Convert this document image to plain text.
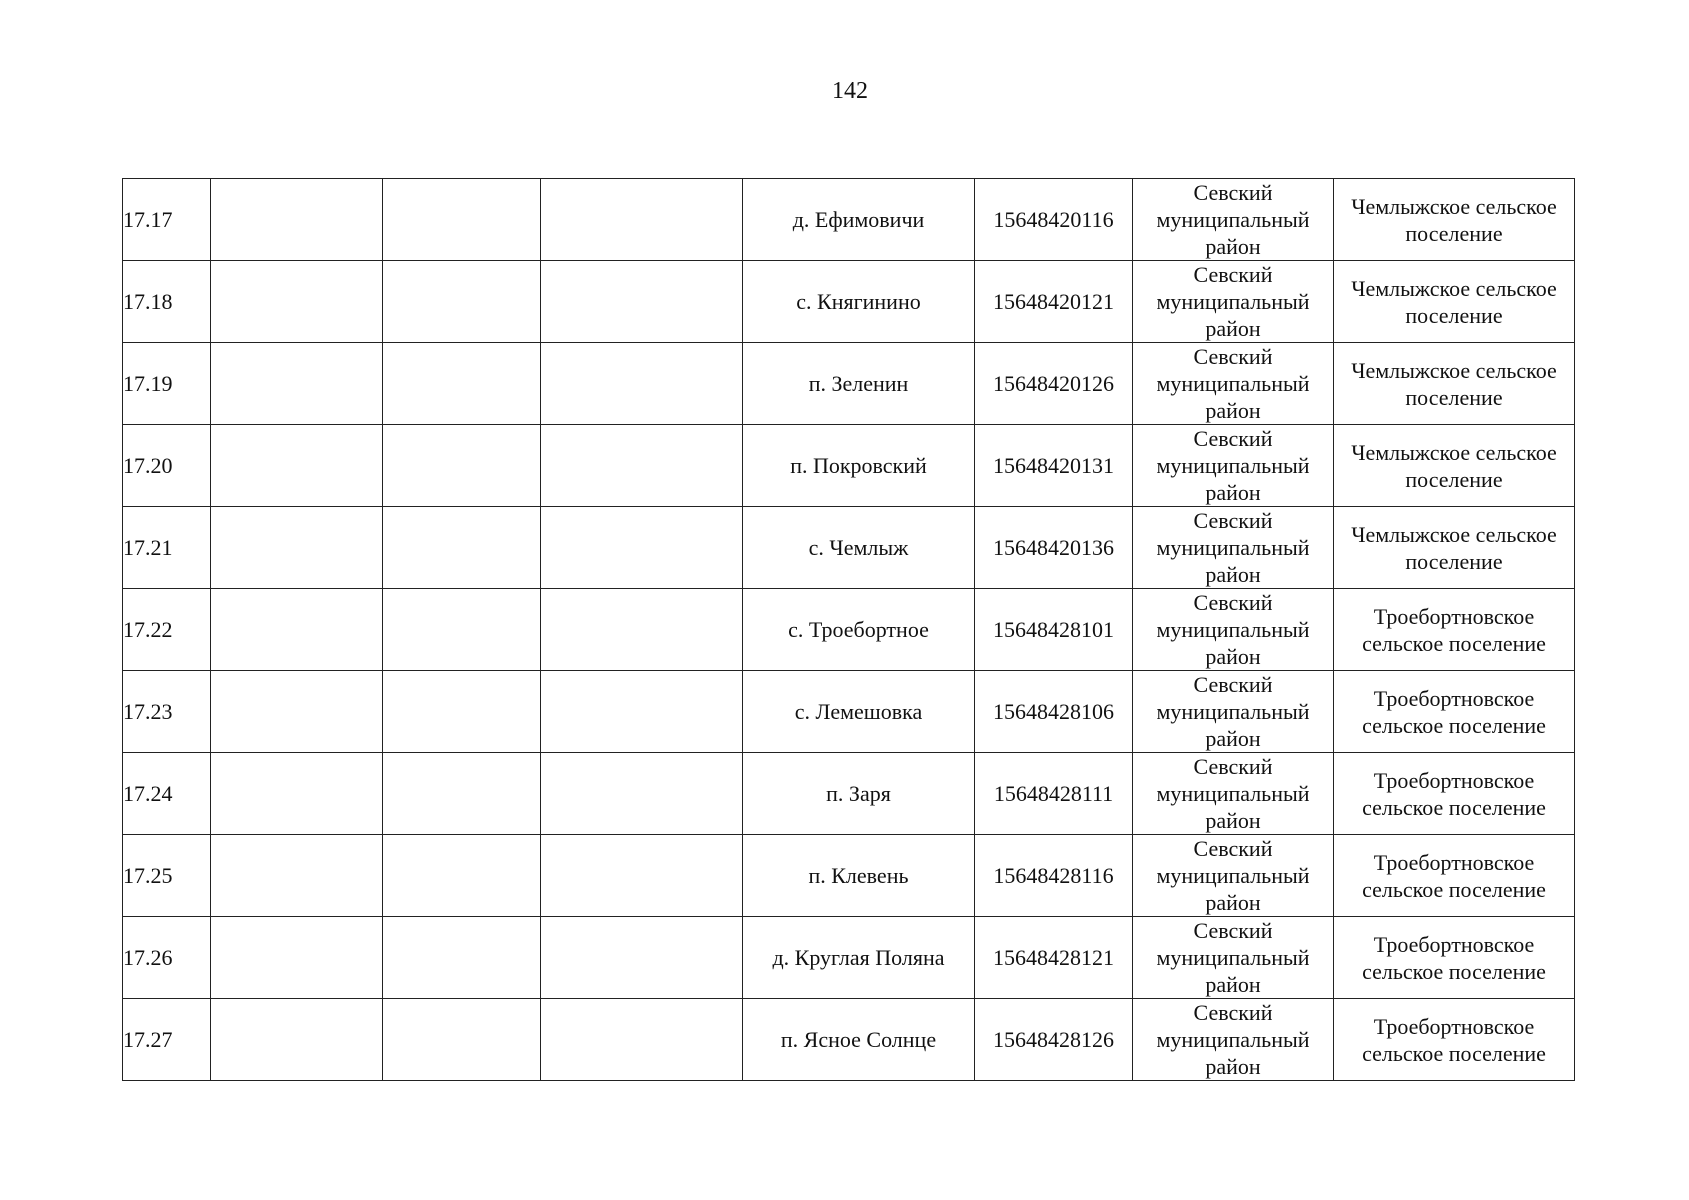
142
17.17				д. Ефимовичи	15648420116	Севский
муниципальный
район	Чемлыжское сельское
поселение

17.18				с. Княгинино	15648420121	Севский
муниципальный
район	Чемлыжское сельское
поселение

17.19				п. Зеленин	15648420126	Севский
муниципальный
район	Чемлыжское сельское
поселение

17.20				п. Покровский	15648420131	Севский
муниципальный
район	Чемлыжское сельское
поселение

17.21				с. Чемлыж	15648420136	Севский
муниципальный
район	Чемлыжское сельское
поселение

17.22				с. Троебортное	15648428101	Севский
муниципальный
район	Троебортновское
сельское поселение

17.23				с. Лемешовка	15648428106	Севский
муниципальный
район	Троебортновское
сельское поселение

17.24				п. Заря	15648428111	Севский
муниципальный
район	Троебортновское
сельское поселение

17.25				п. Клевень	15648428116	Севский
муниципальный
район	Троебортновское
сельское поселение

17.26				д. Круглая Поляна	15648428121	Севский
муниципальный
район	Троебортновское
сельское поселение

17.27				п. Ясное Солнце	15648428126	Севский
муниципальный
район	Троебортновское
сельское поселение
